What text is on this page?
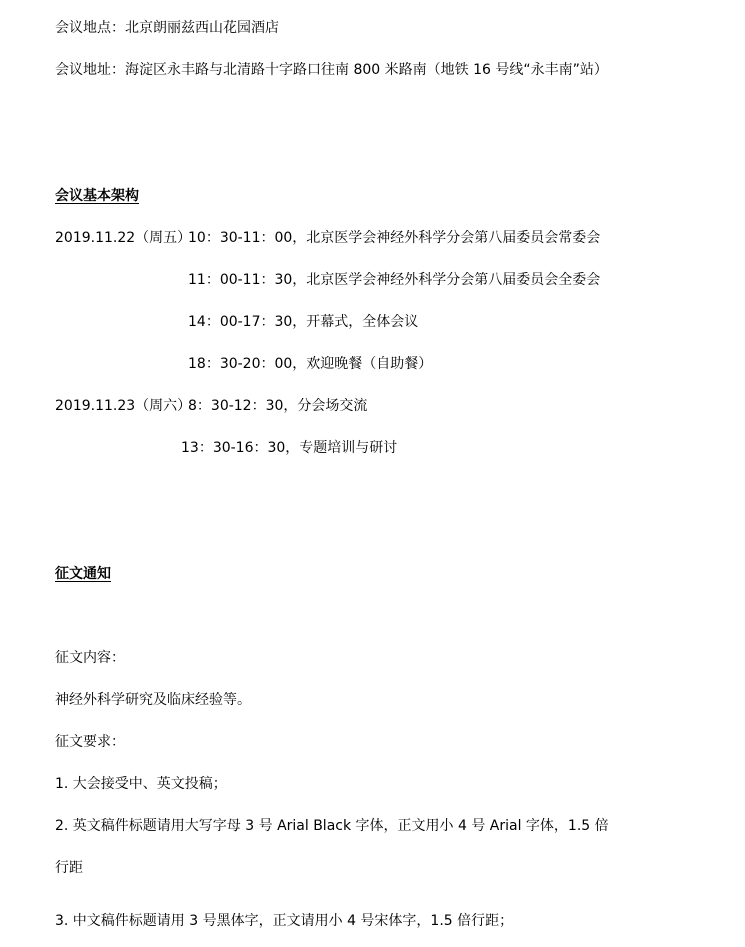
会议地点：北京朗丽兹西山花园酒店
会议地址：海淀区永丰路与北清路十字路口往南 800 米路南（地铁 16 号线“永丰南”站）
会议基本架构
2019.11.22（周五）
10：30-11：00，北京医学会神经外科学分会第八届委员会常委会
11：00-11：30，北京医学会神经外科学分会第八届委员会全委会
14：00-17：30，开幕式，全体会议
18：30-20：00，欢迎晚餐（自助餐）
2019.11.23（周六）
8：30-12：30，分会场交流
13：30-16：30，专题培训与研讨
征文通知
征文内容：
神经外科学研究及临床经验等。
征文要求：
1. 大会接受中、英文投稿；
2. 英文稿件标题请用大写字母 3 号 Arial Black 字体，正文用小 4 号 Arial 字体，1.5 倍
行距
3. 中文稿件标题请用 3 号黑体字，正文请用小 4 号宋体字，1.5 倍行距；
